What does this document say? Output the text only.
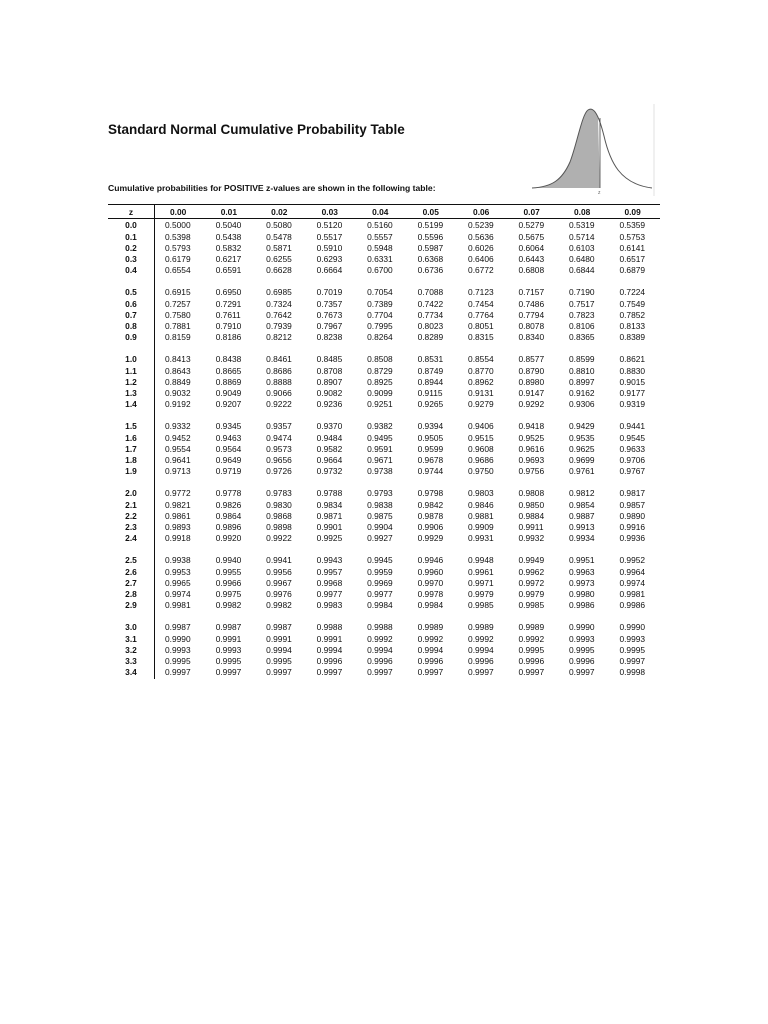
Standard Normal Cumulative Probability Table
Cumulative probabilities for POSITIVE z-values are shown in the following table:	z
z	0.00	0.01	0.02	0.03	0.04	0.05	0.06	0.07	0.08	0.09
0.0	0.5000	0.5040	0.5080	0.5120	0.5160	0.5199	0.5239	0.5279	0.5319	0.5359
0.1	0.5398	0.5438	0.5478	0.5517	0.5557	0.5596	0.5636	0.5675	0.5714	0.5753
0.2	0.5793	0.5832	0.5871	0.5910	0.5948	0.5987	0.6026	0.6064	0.6103	0.6141
0.3	0.6179	0.6217	0.6255	0.6293	0.6331	0.6368	0.6406	0.6443	0.6480	0.6517
0.4	0.6554	0.6591	0.6628	0.6664	0.6700	0.6736	0.6772	0.6808	0.6844	0.6879

0.5	0.6915	0.6950	0.6985	0.7019	0.7054	0.7088	0.7123	0.7157	0.7190	0.7224
0.6	0.7257	0.7291	0.7324	0.7357	0.7389	0.7422	0.7454	0.7486	0.7517	0.7549
0.7	0.7580	0.7611	0.7642	0.7673	0.7704	0.7734	0.7764	0.7794	0.7823	0.7852
0.8	0.7881	0.7910	0.7939	0.7967	0.7995	0.8023	0.8051	0.8078	0.8106	0.8133
0.9	0.8159	0.8186	0.8212	0.8238	0.8264	0.8289	0.8315	0.8340	0.8365	0.8389

1.0	0.8413	0.8438	0.8461	0.8485	0.8508	0.8531	0.8554	0.8577	0.8599	0.8621
1.1	0.8643	0.8665	0.8686	0.8708	0.8729	0.8749	0.8770	0.8790	0.8810	0.8830
1.2	0.8849	0.8869	0.8888	0.8907	0.8925	0.8944	0.8962	0.8980	0.8997	0.9015
1.3	0.9032	0.9049	0.9066	0.9082	0.9099	0.9115	0.9131	0.9147	0.9162	0.9177
1.4	0.9192	0.9207	0.9222	0.9236	0.9251	0.9265	0.9279	0.9292	0.9306	0.9319

1.5	0.9332	0.9345	0.9357	0.9370	0.9382	0.9394	0.9406	0.9418	0.9429	0.9441
1.6	0.9452	0.9463	0.9474	0.9484	0.9495	0.9505	0.9515	0.9525	0.9535	0.9545
1.7	0.9554	0.9564	0.9573	0.9582	0.9591	0.9599	0.9608	0.9616	0.9625	0.9633
1.8	0.9641	0.9649	0.9656	0.9664	0.9671	0.9678	0.9686	0.9693	0.9699	0.9706
1.9	0.9713	0.9719	0.9726	0.9732	0.9738	0.9744	0.9750	0.9756	0.9761	0.9767

2.0	0.9772	0.9778	0.9783	0.9788	0.9793	0.9798	0.9803	0.9808	0.9812	0.9817
2.1	0.9821	0.9826	0.9830	0.9834	0.9838	0.9842	0.9846	0.9850	0.9854	0.9857
2.2	0.9861	0.9864	0.9868	0.9871	0.9875	0.9878	0.9881	0.9884	0.9887	0.9890
2.3	0.9893	0.9896	0.9898	0.9901	0.9904	0.9906	0.9909	0.9911	0.9913	0.9916
2.4	0.9918	0.9920	0.9922	0.9925	0.9927	0.9929	0.9931	0.9932	0.9934	0.9936

2.5	0.9938	0.9940	0.9941	0.9943	0.9945	0.9946	0.9948	0.9949	0.9951	0.9952
2.6	0.9953	0.9955	0.9956	0.9957	0.9959	0.9960	0.9961	0.9962	0.9963	0.9964
2.7	0.9965	0.9966	0.9967	0.9968	0.9969	0.9970	0.9971	0.9972	0.9973	0.9974
2.8	0.9974	0.9975	0.9976	0.9977	0.9977	0.9978	0.9979	0.9979	0.9980	0.9981
2.9	0.9981	0.9982	0.9982	0.9983	0.9984	0.9984	0.9985	0.9985	0.9986	0.9986

3.0	0.9987	0.9987	0.9987	0.9988	0.9988	0.9989	0.9989	0.9989	0.9990	0.9990
3.1	0.9990	0.9991	0.9991	0.9991	0.9992	0.9992	0.9992	0.9992	0.9993	0.9993
3.2	0.9993	0.9993	0.9994	0.9994	0.9994	0.9994	0.9994	0.9995	0.9995	0.9995
3.3	0.9995	0.9995	0.9995	0.9996	0.9996	0.9996	0.9996	0.9996	0.9996	0.9997
3.4	0.9997	0.9997	0.9997	0.9997	0.9997	0.9997	0.9997	0.9997	0.9997	0.9998
